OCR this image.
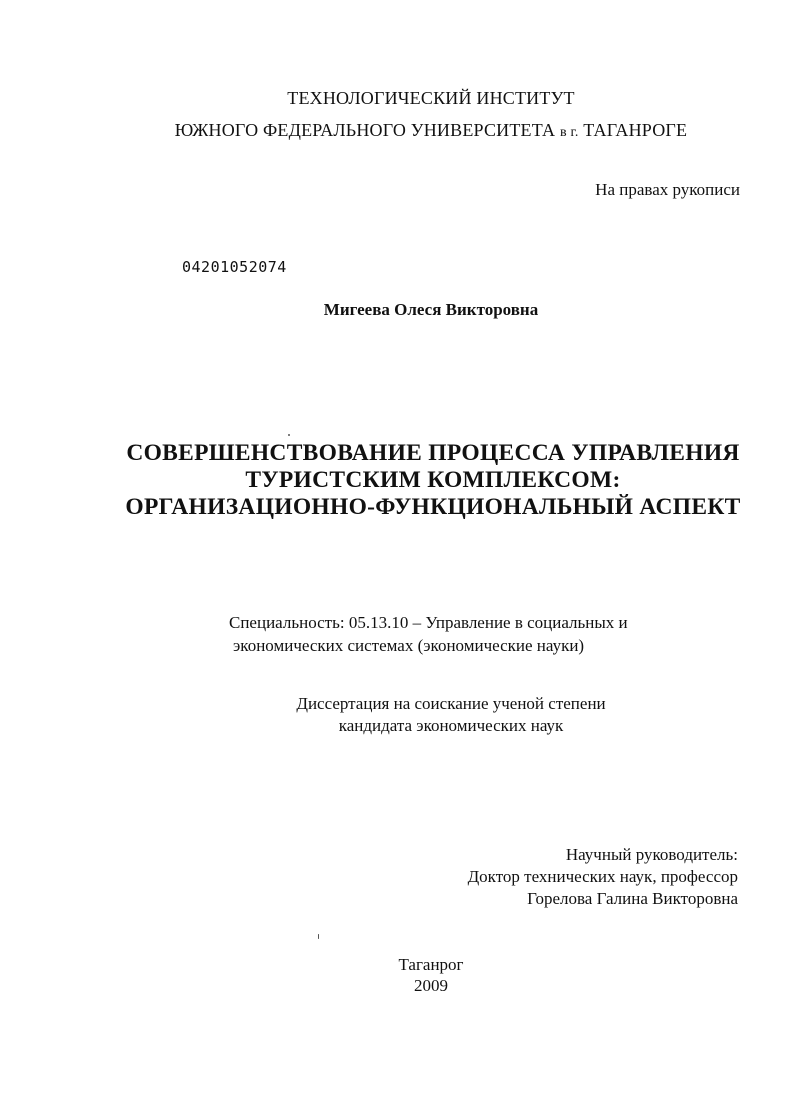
ТЕХНОЛОГИЧЕСКИЙ ИНСТИТУТ
ЮЖНОГО ФЕДЕРАЛЬНОГО УНИВЕРСИТЕТА в г. ТАГАНРОГЕ
На правах рукописи
04201052074
Мигеева Олеся Викторовна
СОВЕРШЕНСТВОВАНИЕ ПРОЦЕССА УПРАВЛЕНИЯ
ТУРИСТСКИМ КОМПЛЕКСОМ:
ОРГАНИЗАЦИОННО-ФУНКЦИОНАЛЬНЫЙ АСПЕКТ
Специальность: 05.13.10 – Управление в социальных и
экономических системах (экономические науки)
Диссертация на соискание ученой степени
кандидата экономических наук
Научный руководитель:
Доктор технических наук, профессор
Горелова Галина Викторовна
Таганрог
2009
